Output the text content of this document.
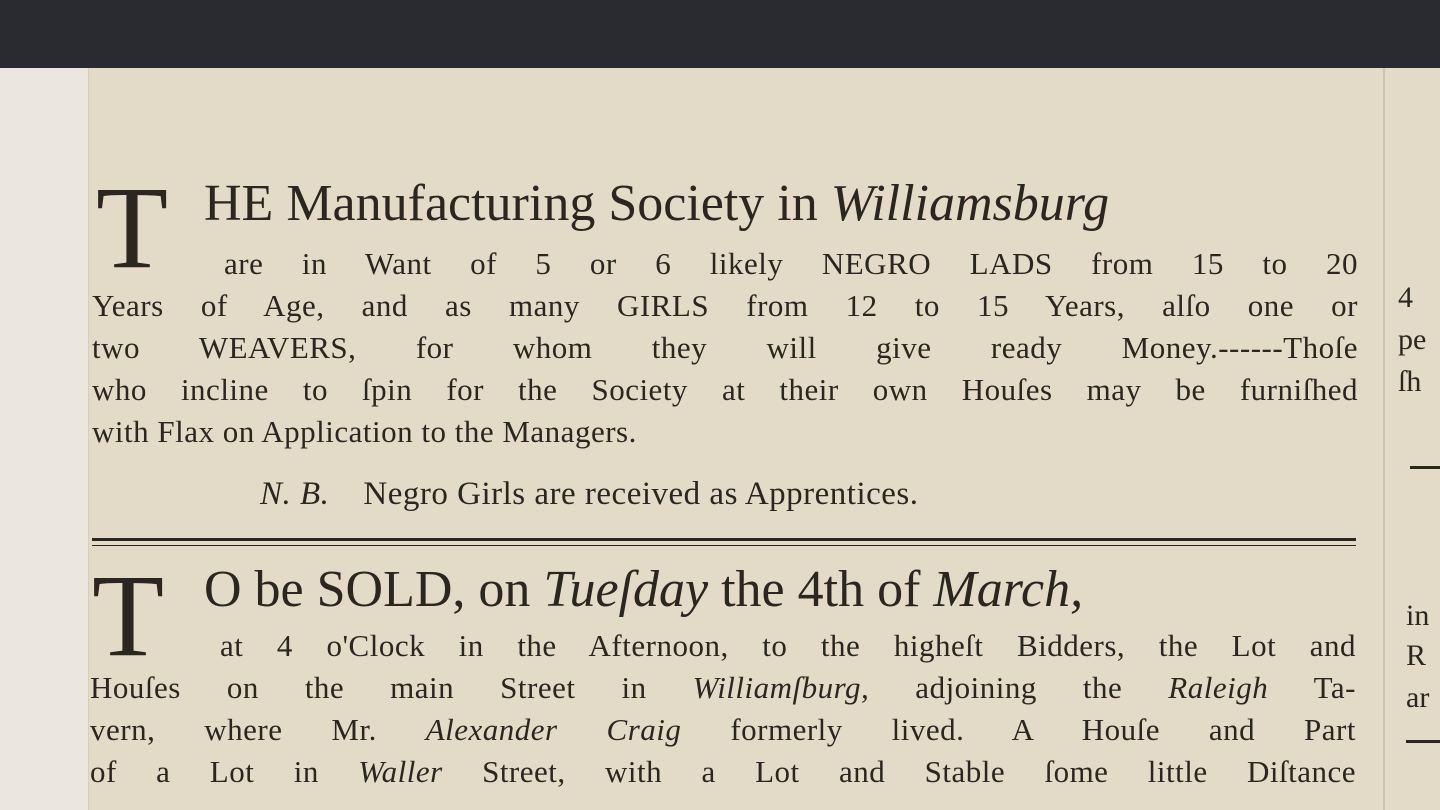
T HE Manufacturing Society in Williamsburg
are in Want of 5 or 6 likely NEGRO LADS from 15 to 20
Years of Age, and as many GIRLS from 12 to 15 Years, alſo one or
two WEAVERS, for whom they will give ready Money.------Thoſe
who incline to ſpin for the Society at their own Houſes may be furniſhed
with Flax on Application to the Managers.
N. B. Negro Girls are received as Apprentices.
T O be SOLD, on Tueſday the 4th of March,
at 4 o'Clock in the Afternoon, to the higheſt Bidders, the Lot and
Houſes on the main Street in Williamſburg, adjoining the Raleigh Ta-
vern, where Mr. Alexander Craig formerly lived. A Houſe and Part
of a Lot in Waller Street, with a Lot and Stable ſome little Diſtance
4
pe
ſh
in
R
ar
